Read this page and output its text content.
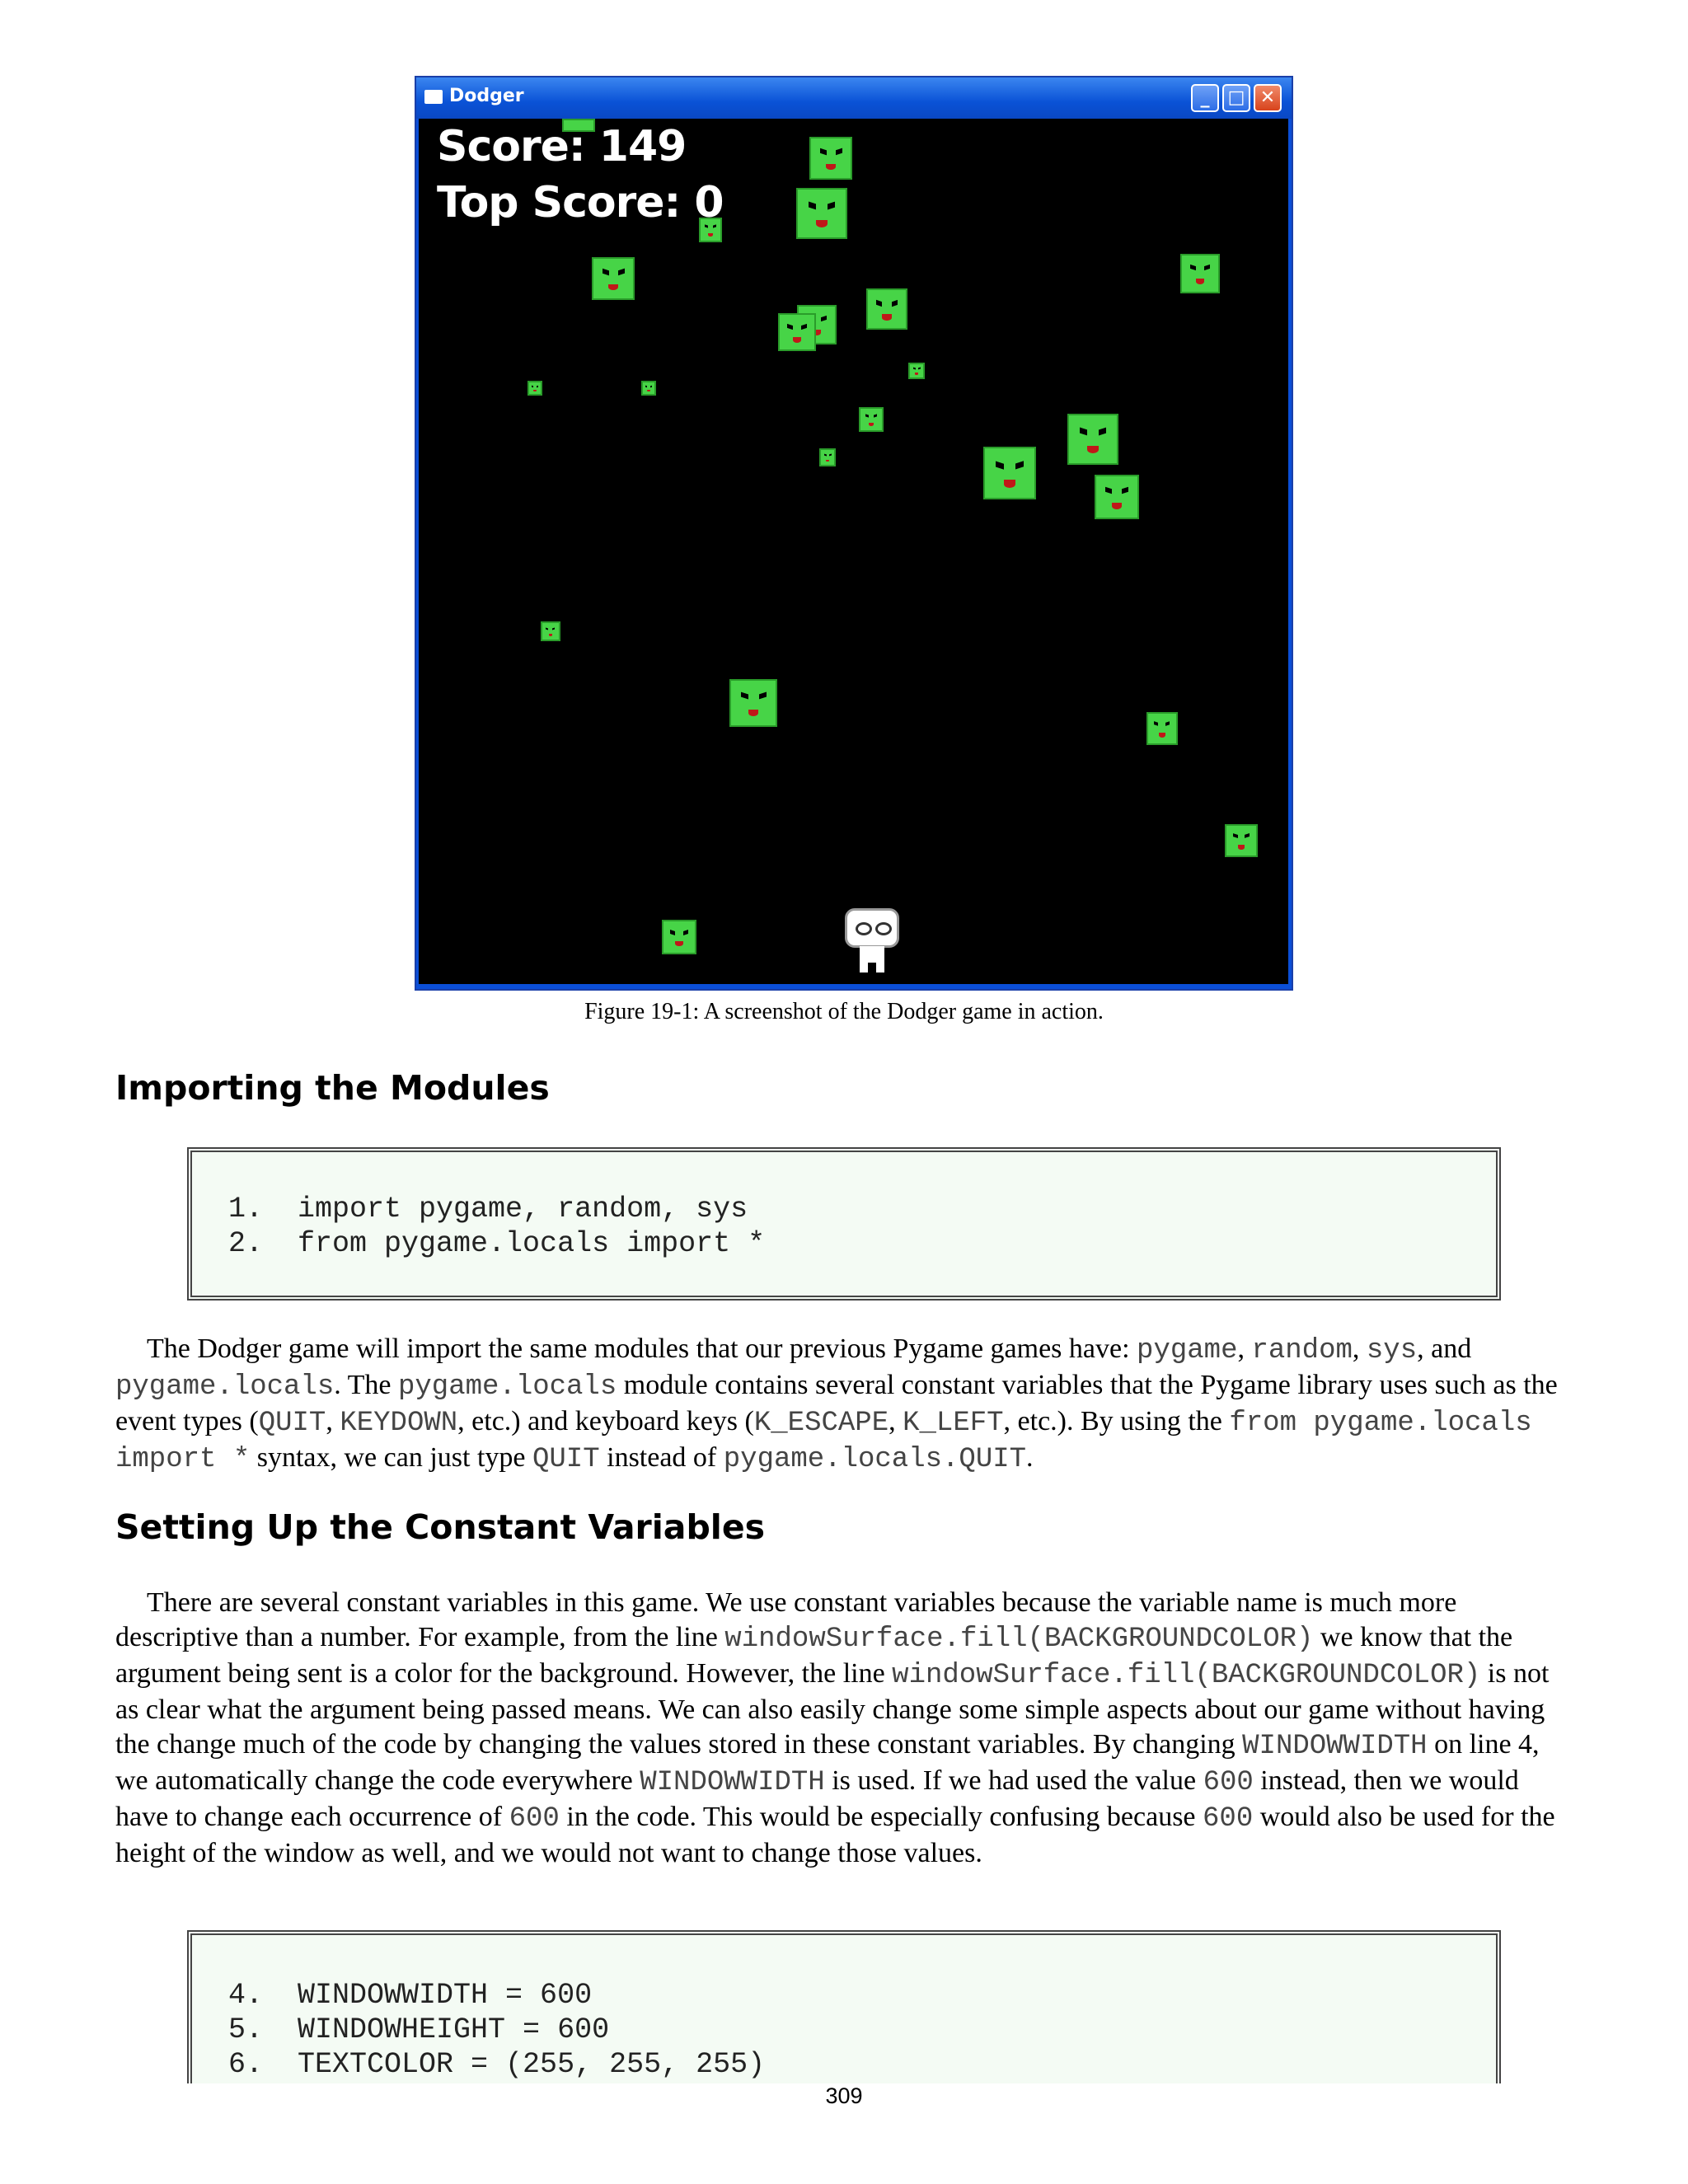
Dodger	_	□ ✕
Score: 149
Top Score: 0
Figure 19-1: A screenshot of the Dodger game in action.
Importing the Modules
1.  import pygame, random, sys
2.  from pygame.locals import *

The Dodger game will import the same modules that our previous Pygame games have: pygame, random, sys, and pygame.locals. The pygame.locals module contains several constant variables that the Pygame library uses such as the event types (QUIT, KEYDOWN, etc.) and keyboard keys (K_ESCAPE, K_LEFT, etc.). By using the from pygame.locals import * syntax, we can just type QUIT instead of pygame.locals.QUIT.

Setting Up the Constant Variables

There are several constant variables in this game. We use constant variables because the variable name is much more descriptive than a number. For example, from the line windowSurface.fill(BACKGROUNDCOLOR) we know that the argument being sent is a color for the background. However, the line windowSurface.fill(BACKGROUNDCOLOR) is not as clear what the argument being passed means. We can also easily change some simple aspects about our game without having the change much of the code by changing the values stored in these constant variables. By changing WINDOWWIDTH on line 4, we automatically change the code everywhere WINDOWWIDTH is used. If we had used the value 600 instead, then we would have to change each occurrence of 600 in the code. This would be especially confusing because 600 would also be used for the height of the window as well, and we would not want to change those values.

4.  WINDOWWIDTH = 600
5.  WINDOWHEIGHT = 600
6.  TEXTCOLOR = (255, 255, 255)
309
